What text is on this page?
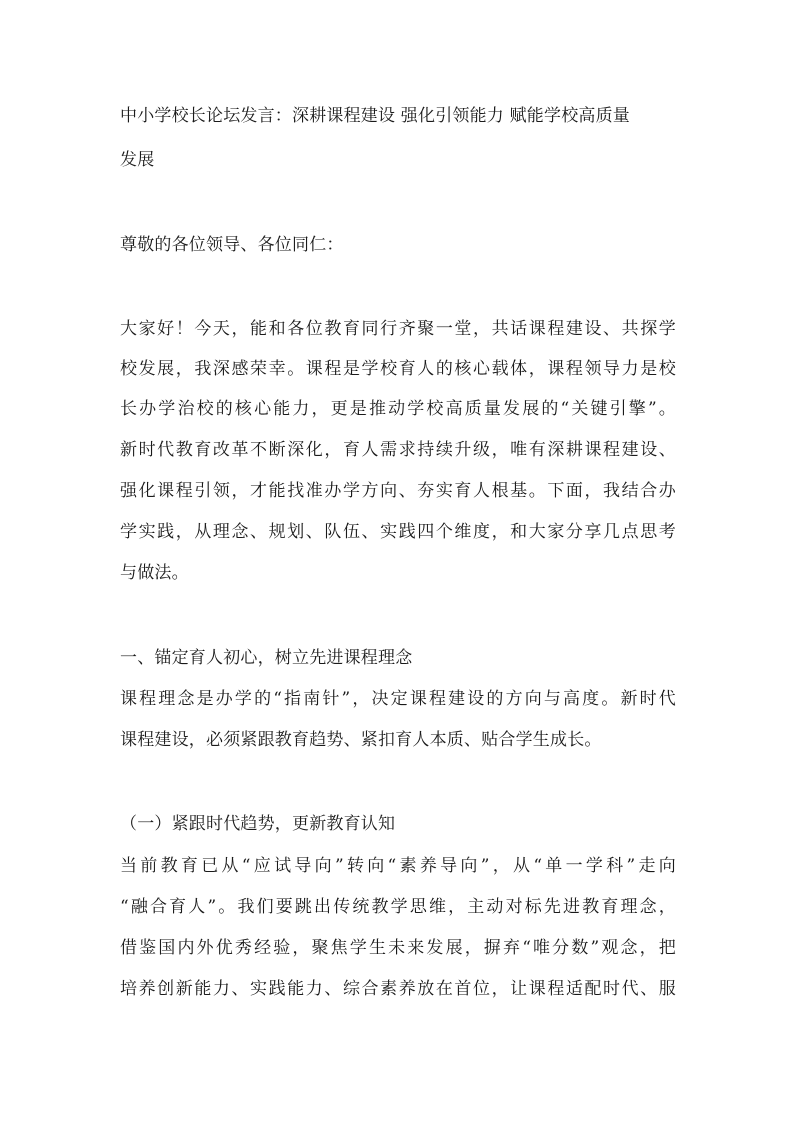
中小学校长论坛发言：深耕课程建设 强化引领能力 赋能学校高质量
发展
尊敬的各位领导、各位同仁：
大家好！今天，能和各位教育同行齐聚一堂，共话课程建设、共探学
校发展，我深感荣幸。课程是学校育人的核心载体，课程领导力是校
长办学治校的核心能力，更是推动学校高质量发展的“关键引擎”。
新时代教育改革不断深化，育人需求持续升级，唯有深耕课程建设、
强化课程引领，才能找准办学方向、夯实育人根基。下面，我结合办
学实践，从理念、规划、队伍、实践四个维度，和大家分享几点思考
与做法。
一、锚定育人初心，树立先进课程理念
课程理念是办学的“指南针”，决定课程建设的方向与高度。新时代
课程建设，必须紧跟教育趋势、紧扣育人本质、贴合学生成长。
（一）紧跟时代趋势，更新教育认知
当前教育已从“应试导向”转向“素养导向”，从“单一学科”走向
“融合育人”。我们要跳出传统教学思维，主动对标先进教育理念，
借鉴国内外优秀经验，聚焦学生未来发展，摒弃“唯分数”观念，把
培养创新能力、实践能力、综合素养放在首位，让课程适配时代、服
